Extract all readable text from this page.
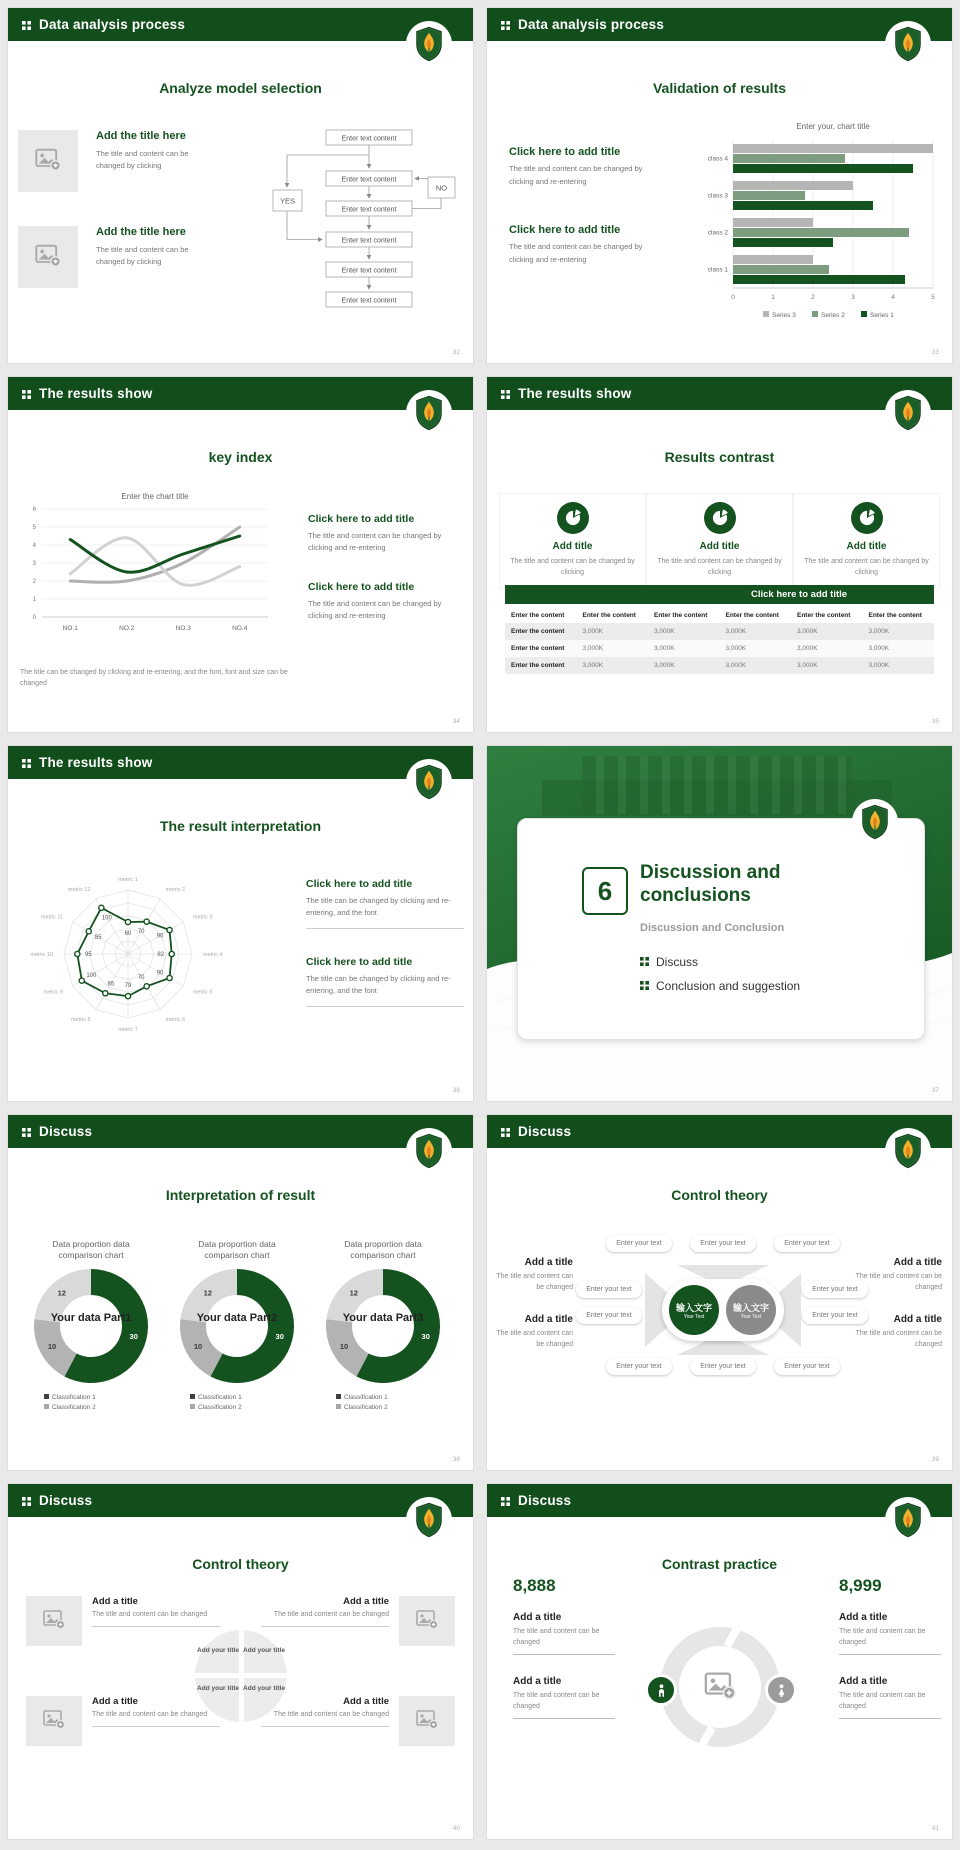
Data analysis process
Analyze model selection
Add the title here
The title and content can be changed by clicking
Add the title here
The title and content can be changed by clicking
Enter text content
Enter text content
Enter text content
Enter text content
Enter text content
Enter text content
YES
NO
32
Data analysis process
Validation of results
Click here to add title
The title and content can be changed by clicking and re-entering
Click here to add title
The title and content can be changed by clicking and re-entering
Enter your, chart title
0	1	2	3	4	5
class 4
class 3
class 2
class 1
Series 3	Series 2	Series 1
33
The results show
key index
Enter the chart title
0
1
2
3
4
5
6
NO.1	NO.2	NO.3	NO.4
The title can be changed by clicking and re-entering, and the font, font and size can be changed
Click here to add title
The title and content can be changed by clicking and re-entering
Click here to add title
The title and content can be changed by clicking and re-entering
34
The results show
Results contrast
Add title
The title and content can be changed by clicking
Add title
The title and content can be changed by clicking
Add title
The title and content can be changed by clicking
Click here to add title
Enter the content	Enter the content	Enter the content	Enter the content	Enter the content	Enter the content
Enter the content	3,000K	3,000K	3,000K	3,000K	3,000K
Enter the content	3,000K	3,000K	3,000K	3,000K	3,000K
Enter the content	3,000K	3,000K	3,000K	3,000K	3,000K
35
The results show
The result interpretation
metric 1
metric 2
metric 3
metric 4
metric 5
metric 6
metric 7
metric 8
metric 9
metric 10
metric 11
metric 12
60 70
90
82
90
70
79
85
100
95
85
100
Click here to add title
The title can be changed by clicking and re-entering, and the font
Click here to add title
The title can be changed by clicking and re-entering, and the font
36
6
Discussion and conclusions
Discussion and Conclusion
Discuss
Conclusion and suggestion
37
Discuss
Interpretation of result
Data proportion data comparison chart
30
10
12
Your data Part1
Classification 1
Classification 2
Data proportion data comparison chart
30
10
12
Your data Part2
Classification 1
Classification 2
Data proportion data comparison chart
30
10
12
Your data Part3
Classification 1
Classification 2
38
Discuss
Control theory
Enter your text	Enter your text	Enter your text
Enter your text
Enter your text
Enter your text
Enter your text
Enter your text	Enter your text	Enter your text
输入文字
Your Text
输入文字
Your Text
Add a title
The title and content can be changed
Add a title
The title and content can be changed
Add a title
The title and content can be changed
Add a title
The title and content can be changed
39
Discuss
Control theory
Add a title
The title and content can be changed
Add a title
The title and content can be changed
Add a title
The title and content can be changed
Add a title
The title and content can be changed
Add your title Add your title
Add your title Add your title
40
Discuss
Contrast practice
8,888	8,999
Add a title
The title and content can be changed
Add a title
The title and content can be changed
Add a title
The title and content can be changed
Add a title
The title and content can be changed
41
